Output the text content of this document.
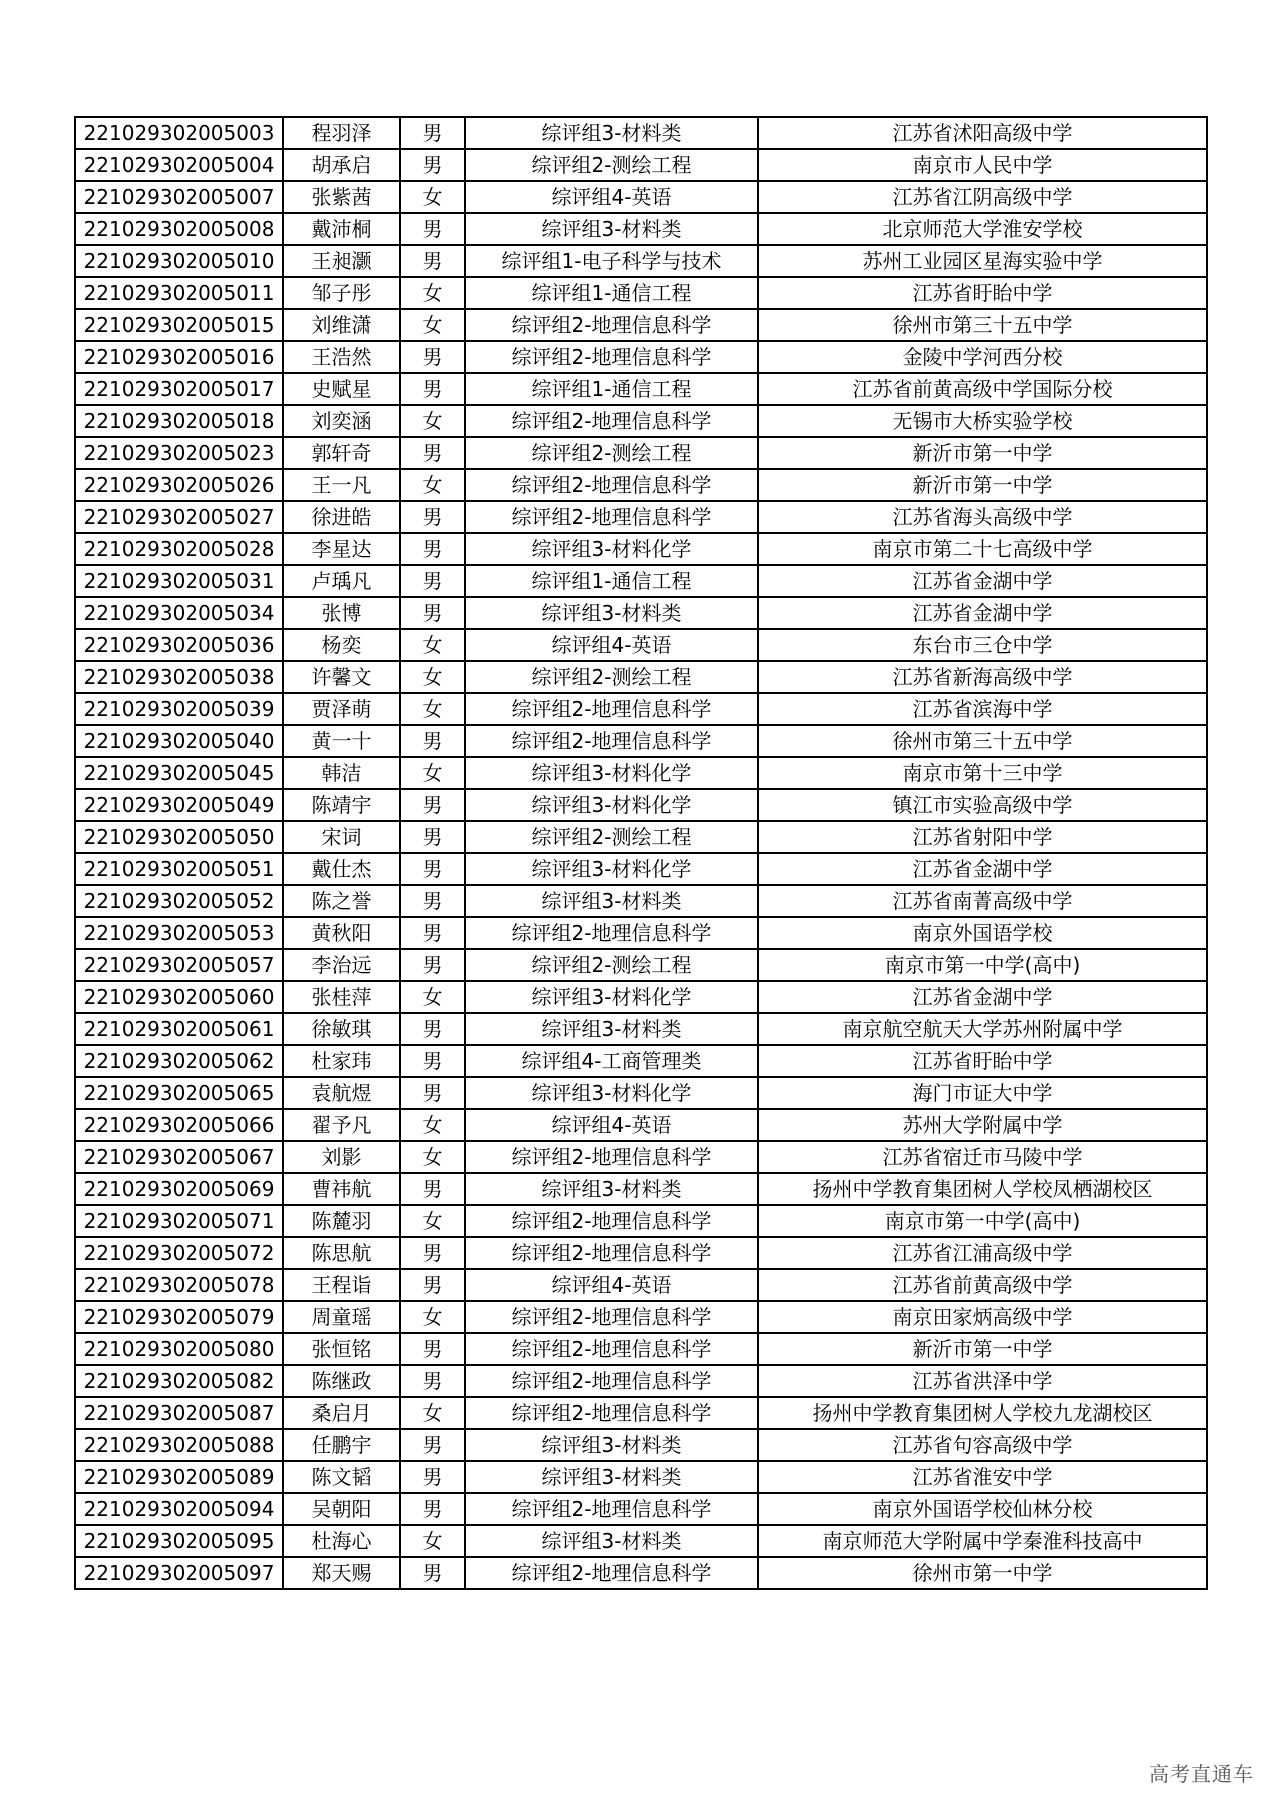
221029302005003	程羽泽	男	综评组3-材料类	江苏省沭阳高级中学
221029302005004	胡承启	男	综评组2-测绘工程	南京市人民中学
221029302005007	张紫茜	女	综评组4-英语	江苏省江阴高级中学
221029302005008	戴沛桐	男	综评组3-材料类	北京师范大学淮安学校
221029302005010	王昶灏	男	综评组1-电子科学与技术	苏州工业园区星海实验中学
221029302005011	邹子彤	女	综评组1-通信工程	江苏省盱眙中学
221029302005015	刘维潇	女	综评组2-地理信息科学	徐州市第三十五中学
221029302005016	王浩然	男	综评组2-地理信息科学	金陵中学河西分校
221029302005017	史赋星	男	综评组1-通信工程	江苏省前黄高级中学国际分校
221029302005018	刘奕涵	女	综评组2-地理信息科学	无锡市大桥实验学校
221029302005023	郭轩奇	男	综评组2-测绘工程	新沂市第一中学
221029302005026	王一凡	女	综评组2-地理信息科学	新沂市第一中学
221029302005027	徐进皓	男	综评组2-地理信息科学	江苏省海头高级中学
221029302005028	李星达	男	综评组3-材料化学	南京市第二十七高级中学
221029302005031	卢瑀凡	男	综评组1-通信工程	江苏省金湖中学
221029302005034	张博	男	综评组3-材料类	江苏省金湖中学
221029302005036	杨奕	女	综评组4-英语	东台市三仓中学
221029302005038	许馨文	女	综评组2-测绘工程	江苏省新海高级中学
221029302005039	贾泽萌	女	综评组2-地理信息科学	江苏省滨海中学
221029302005040	黄一十	男	综评组2-地理信息科学	徐州市第三十五中学
221029302005045	韩洁	女	综评组3-材料化学	南京市第十三中学
221029302005049	陈靖宇	男	综评组3-材料化学	镇江市实验高级中学
221029302005050	宋词	男	综评组2-测绘工程	江苏省射阳中学
221029302005051	戴仕杰	男	综评组3-材料化学	江苏省金湖中学
221029302005052	陈之誉	男	综评组3-材料类	江苏省南菁高级中学
221029302005053	黄秋阳	男	综评组2-地理信息科学	南京外国语学校
221029302005057	李治远	男	综评组2-测绘工程	南京市第一中学(高中)
221029302005060	张桂萍	女	综评组3-材料化学	江苏省金湖中学
221029302005061	徐敏琪	男	综评组3-材料类	南京航空航天大学苏州附属中学
221029302005062	杜家玮	男	综评组4-工商管理类	江苏省盱眙中学
221029302005065	袁航煜	男	综评组3-材料化学	海门市证大中学
221029302005066	翟予凡	女	综评组4-英语	苏州大学附属中学
221029302005067	刘影	女	综评组2-地理信息科学	江苏省宿迁市马陵中学
221029302005069	曹祎航	男	综评组3-材料类	扬州中学教育集团树人学校凤栖湖校区
221029302005071	陈麓羽	女	综评组2-地理信息科学	南京市第一中学(高中)
221029302005072	陈思航	男	综评组2-地理信息科学	江苏省江浦高级中学
221029302005078	王程诣	男	综评组4-英语	江苏省前黄高级中学
221029302005079	周童瑶	女	综评组2-地理信息科学	南京田家炳高级中学
221029302005080	张恒铭	男	综评组2-地理信息科学	新沂市第一中学
221029302005082	陈继政	男	综评组2-地理信息科学	江苏省洪泽中学
221029302005087	桑启月	女	综评组2-地理信息科学	扬州中学教育集团树人学校九龙湖校区
221029302005088	任鹏宇	男	综评组3-材料类	江苏省句容高级中学
221029302005089	陈文韬	男	综评组3-材料类	江苏省淮安中学
221029302005094	吴朝阳	男	综评组2-地理信息科学	南京外国语学校仙林分校
221029302005095	杜海心	女	综评组3-材料类	南京师范大学附属中学秦淮科技高中
221029302005097	郑天赐	男	综评组2-地理信息科学	徐州市第一中学
高考直通车
